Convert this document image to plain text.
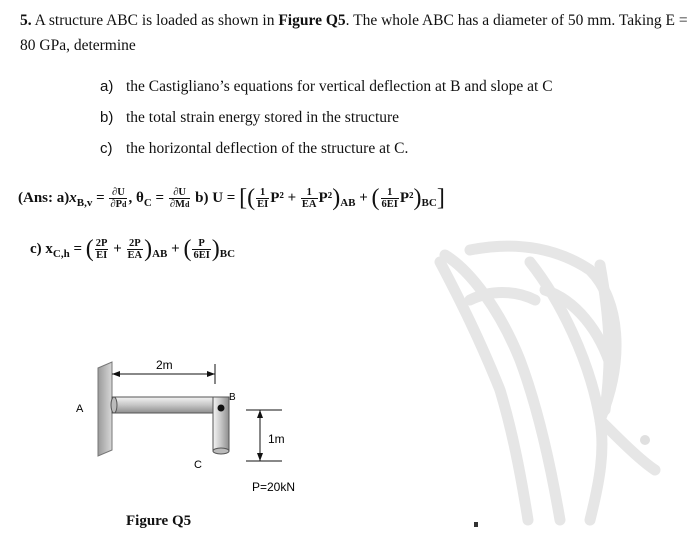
5. A structure ABC is loaded as shown in Figure Q5. The whole ABC has a diameter of 50 mm. Taking E = 80 GPa, determine
a) the Castigliano’s equations for vertical deflection at B and slope at C
b) the total strain energy stored in the structure
c) the horizontal deflection of the structure at C.
(Ans: $a)x_{B,v} = \frac{\partial U}{\partial Pd}$ , $\theta_C = \frac{\partial U}{\partial Md} b$) U = [( $\frac{1}{EI} P^2 + \frac{1}{EA} P^2)_{AB}$ + ( $\frac{1}{6EI} P^2)_{BC}$]
c) $x_{C,h}$ = ( $\frac{2P}{EI} + \frac{2P}{EA} )_{AB}$ + ( $\frac{P}{6EI} )_{BC}$
2m
A
B
C
1m
P=20kN
Figure Q5
